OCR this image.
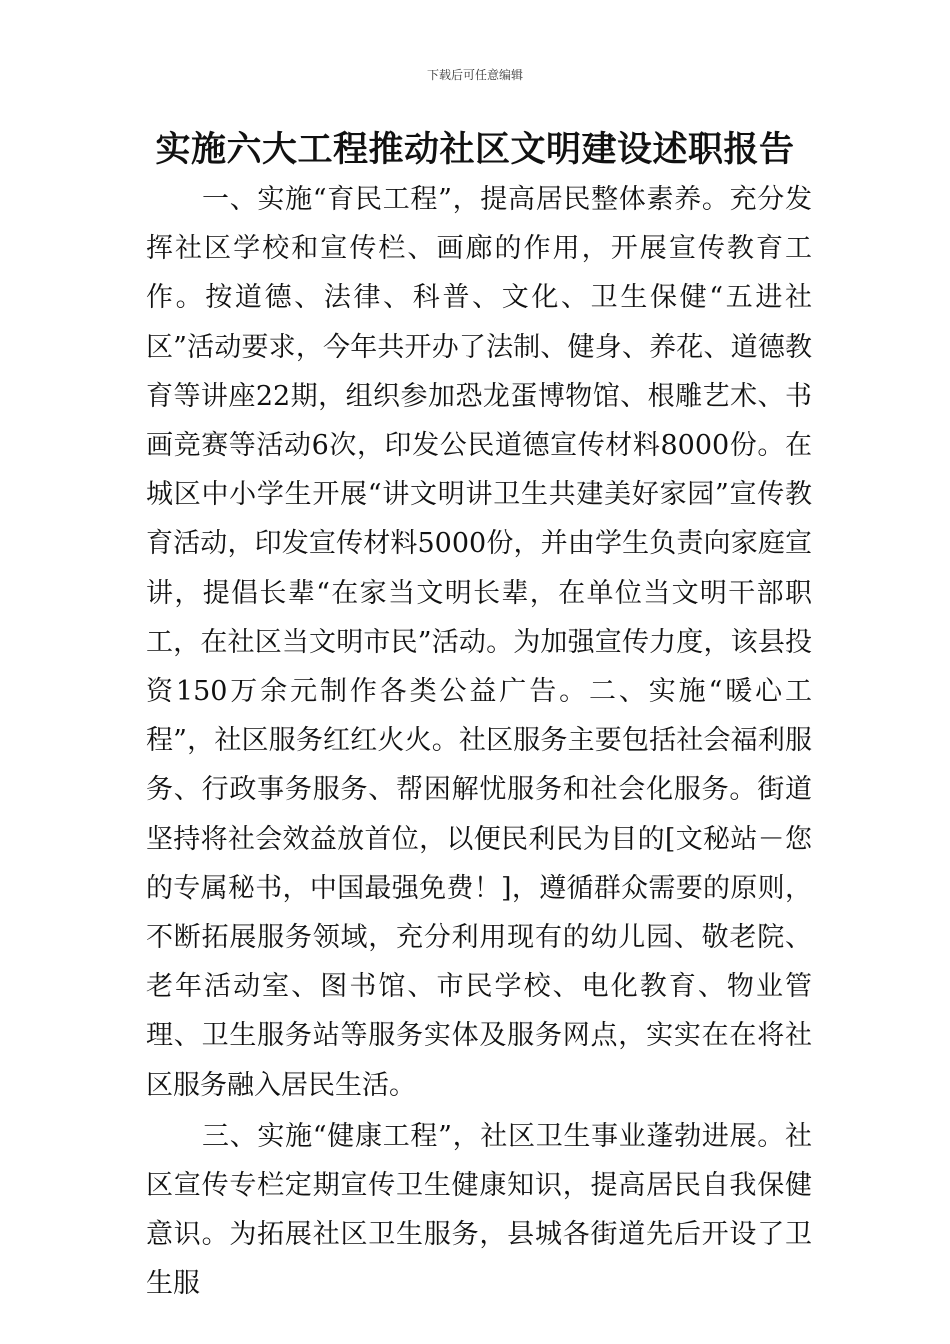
下载后可任意编辑
实施六大工程推动社区文明建设述职报告

一、实施“育民工程”，提高居民整体素养。充分发挥社区学校和宣传栏、画廊的作用，开展宣传教育工作。按道德、法律、科普、文化、卫生保健“五进社区”活动要求，今年共开办了法制、健身、养花、道德教育等讲座22期，组织参加恐龙蛋博物馆、根雕艺术、书画竞赛等活动6次，印发公民道德宣传材料8000份。在城区中小学生开展“讲文明讲卫生共建美好家园”宣传教育活动，印发宣传材料5000份，并由学生负责向家庭宣讲，提倡长辈“在家当文明长辈，在单位当文明干部职工，在社区当文明市民”活动。为加强宣传力度，该县投资150万余元制作各类公益广告。二、实施“暖心工程”，社区服务红红火火。社区服务主要包括社会福利服务、行政事务服务、帮困解忧服务和社会化服务。街道坚持将社会效益放首位，以便民利民为目的[文秘站－您的专属秘书，中国最强免费！]，遵循群众需要的原则，不断拓展服务领域，充分利用现有的幼儿园、敬老院、老年活动室、图书馆、市民学校、电化教育、物业管理、卫生服务站等服务实体及服务网点，实实在在将社区服务融入居民生活。

三、实施“健康工程”，社区卫生事业蓬勃进展。社区宣传专栏定期宣传卫生健康知识，提高居民自我保健意识。为拓展社区卫生服务，县城各街道先后开设了卫生服
